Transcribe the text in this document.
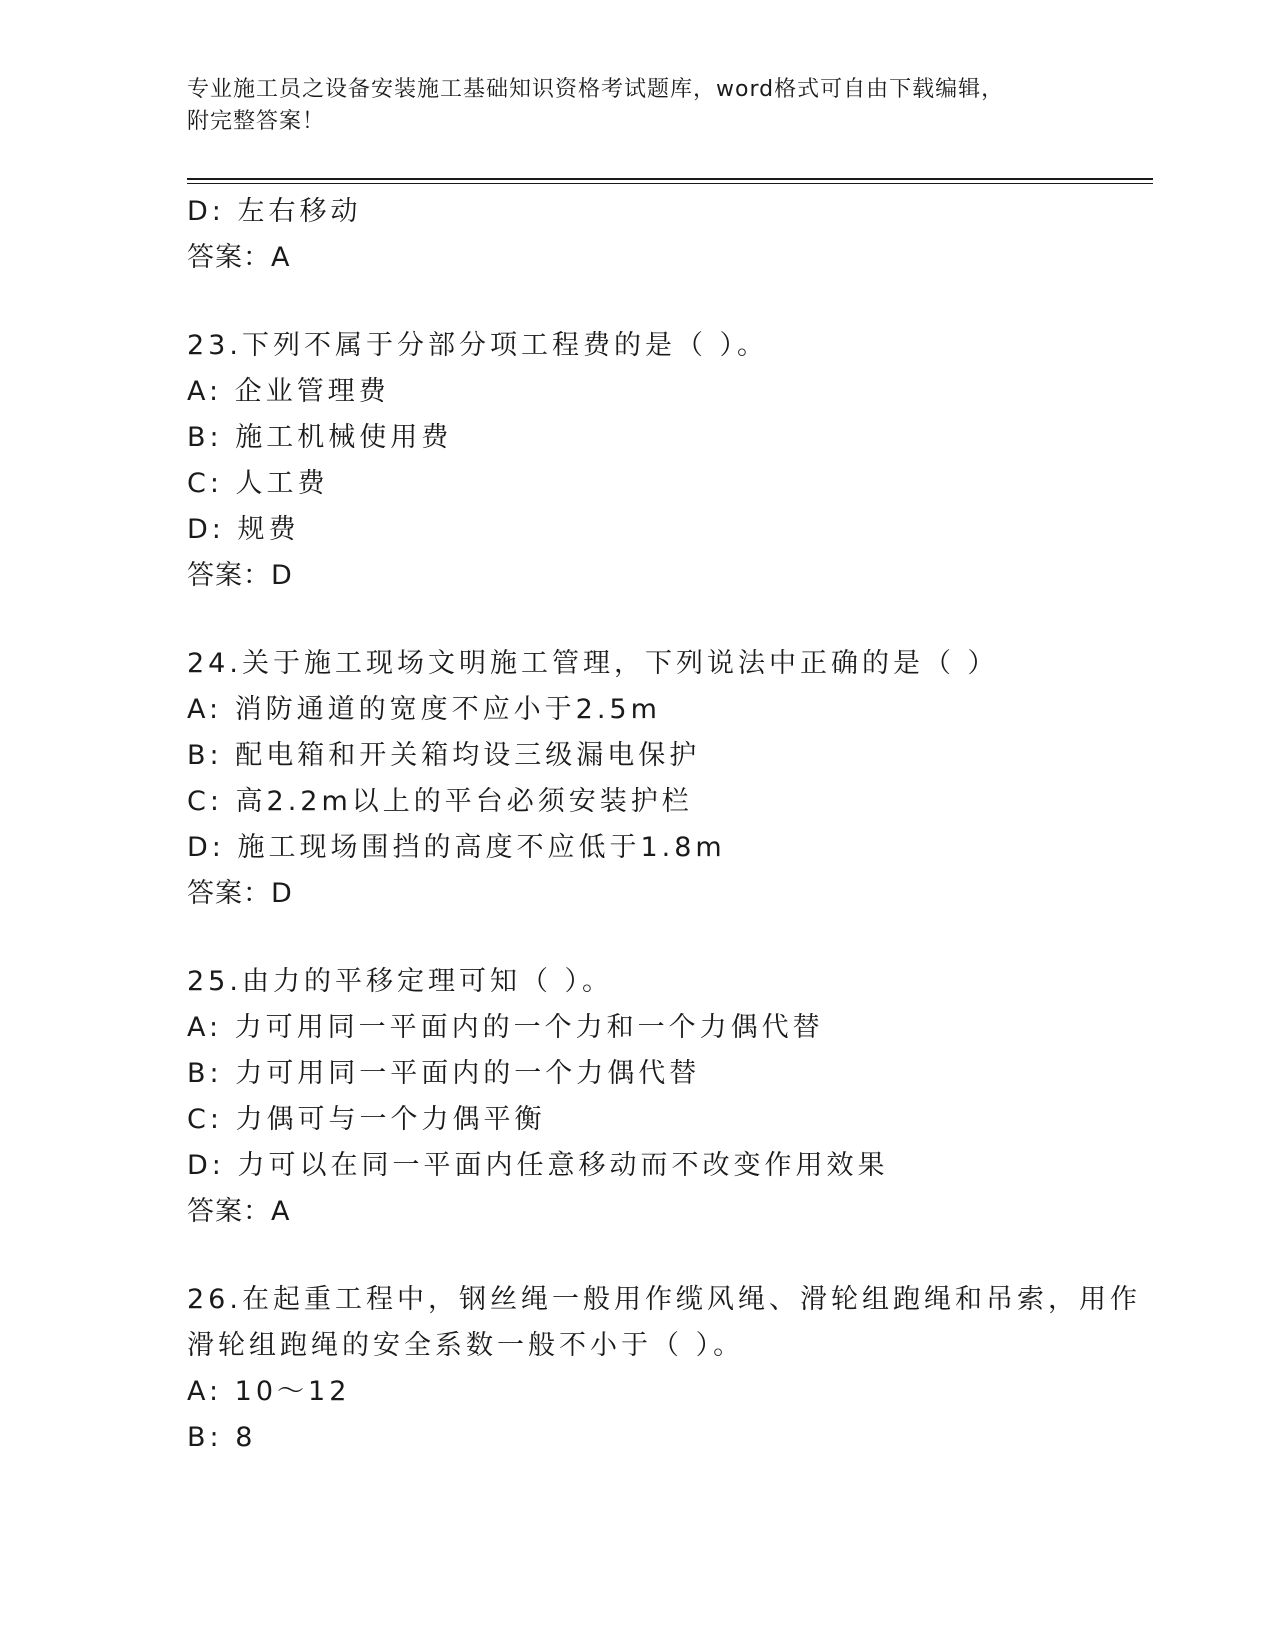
专业施工员之设备安装施工基础知识资格考试题库，word格式可自由下载编辑，
附完整答案！
D: 左右移动
答案：A
23.下列不属于分部分项工程费的是（ ）。
A: 企业管理费
B: 施工机械使用费
C: 人工费
D: 规费
答案：D
24.关于施工现场文明施工管理，下列说法中正确的是（ ）
A: 消防通道的宽度不应小于2.5m
B: 配电箱和开关箱均设三级漏电保护
C: 高2.2m以上的平台必须安装护栏
D: 施工现场围挡的高度不应低于1.8m
答案：D
25.由力的平移定理可知（ ）。
A: 力可用同一平面内的一个力和一个力偶代替
B: 力可用同一平面内的一个力偶代替
C: 力偶可与一个力偶平衡
D: 力可以在同一平面内任意移动而不改变作用效果
答案：A
26.在起重工程中，钢丝绳一般用作缆风绳、滑轮组跑绳和吊索，用作
滑轮组跑绳的安全系数一般不小于（ ）。
A: 10～12
B: 8
